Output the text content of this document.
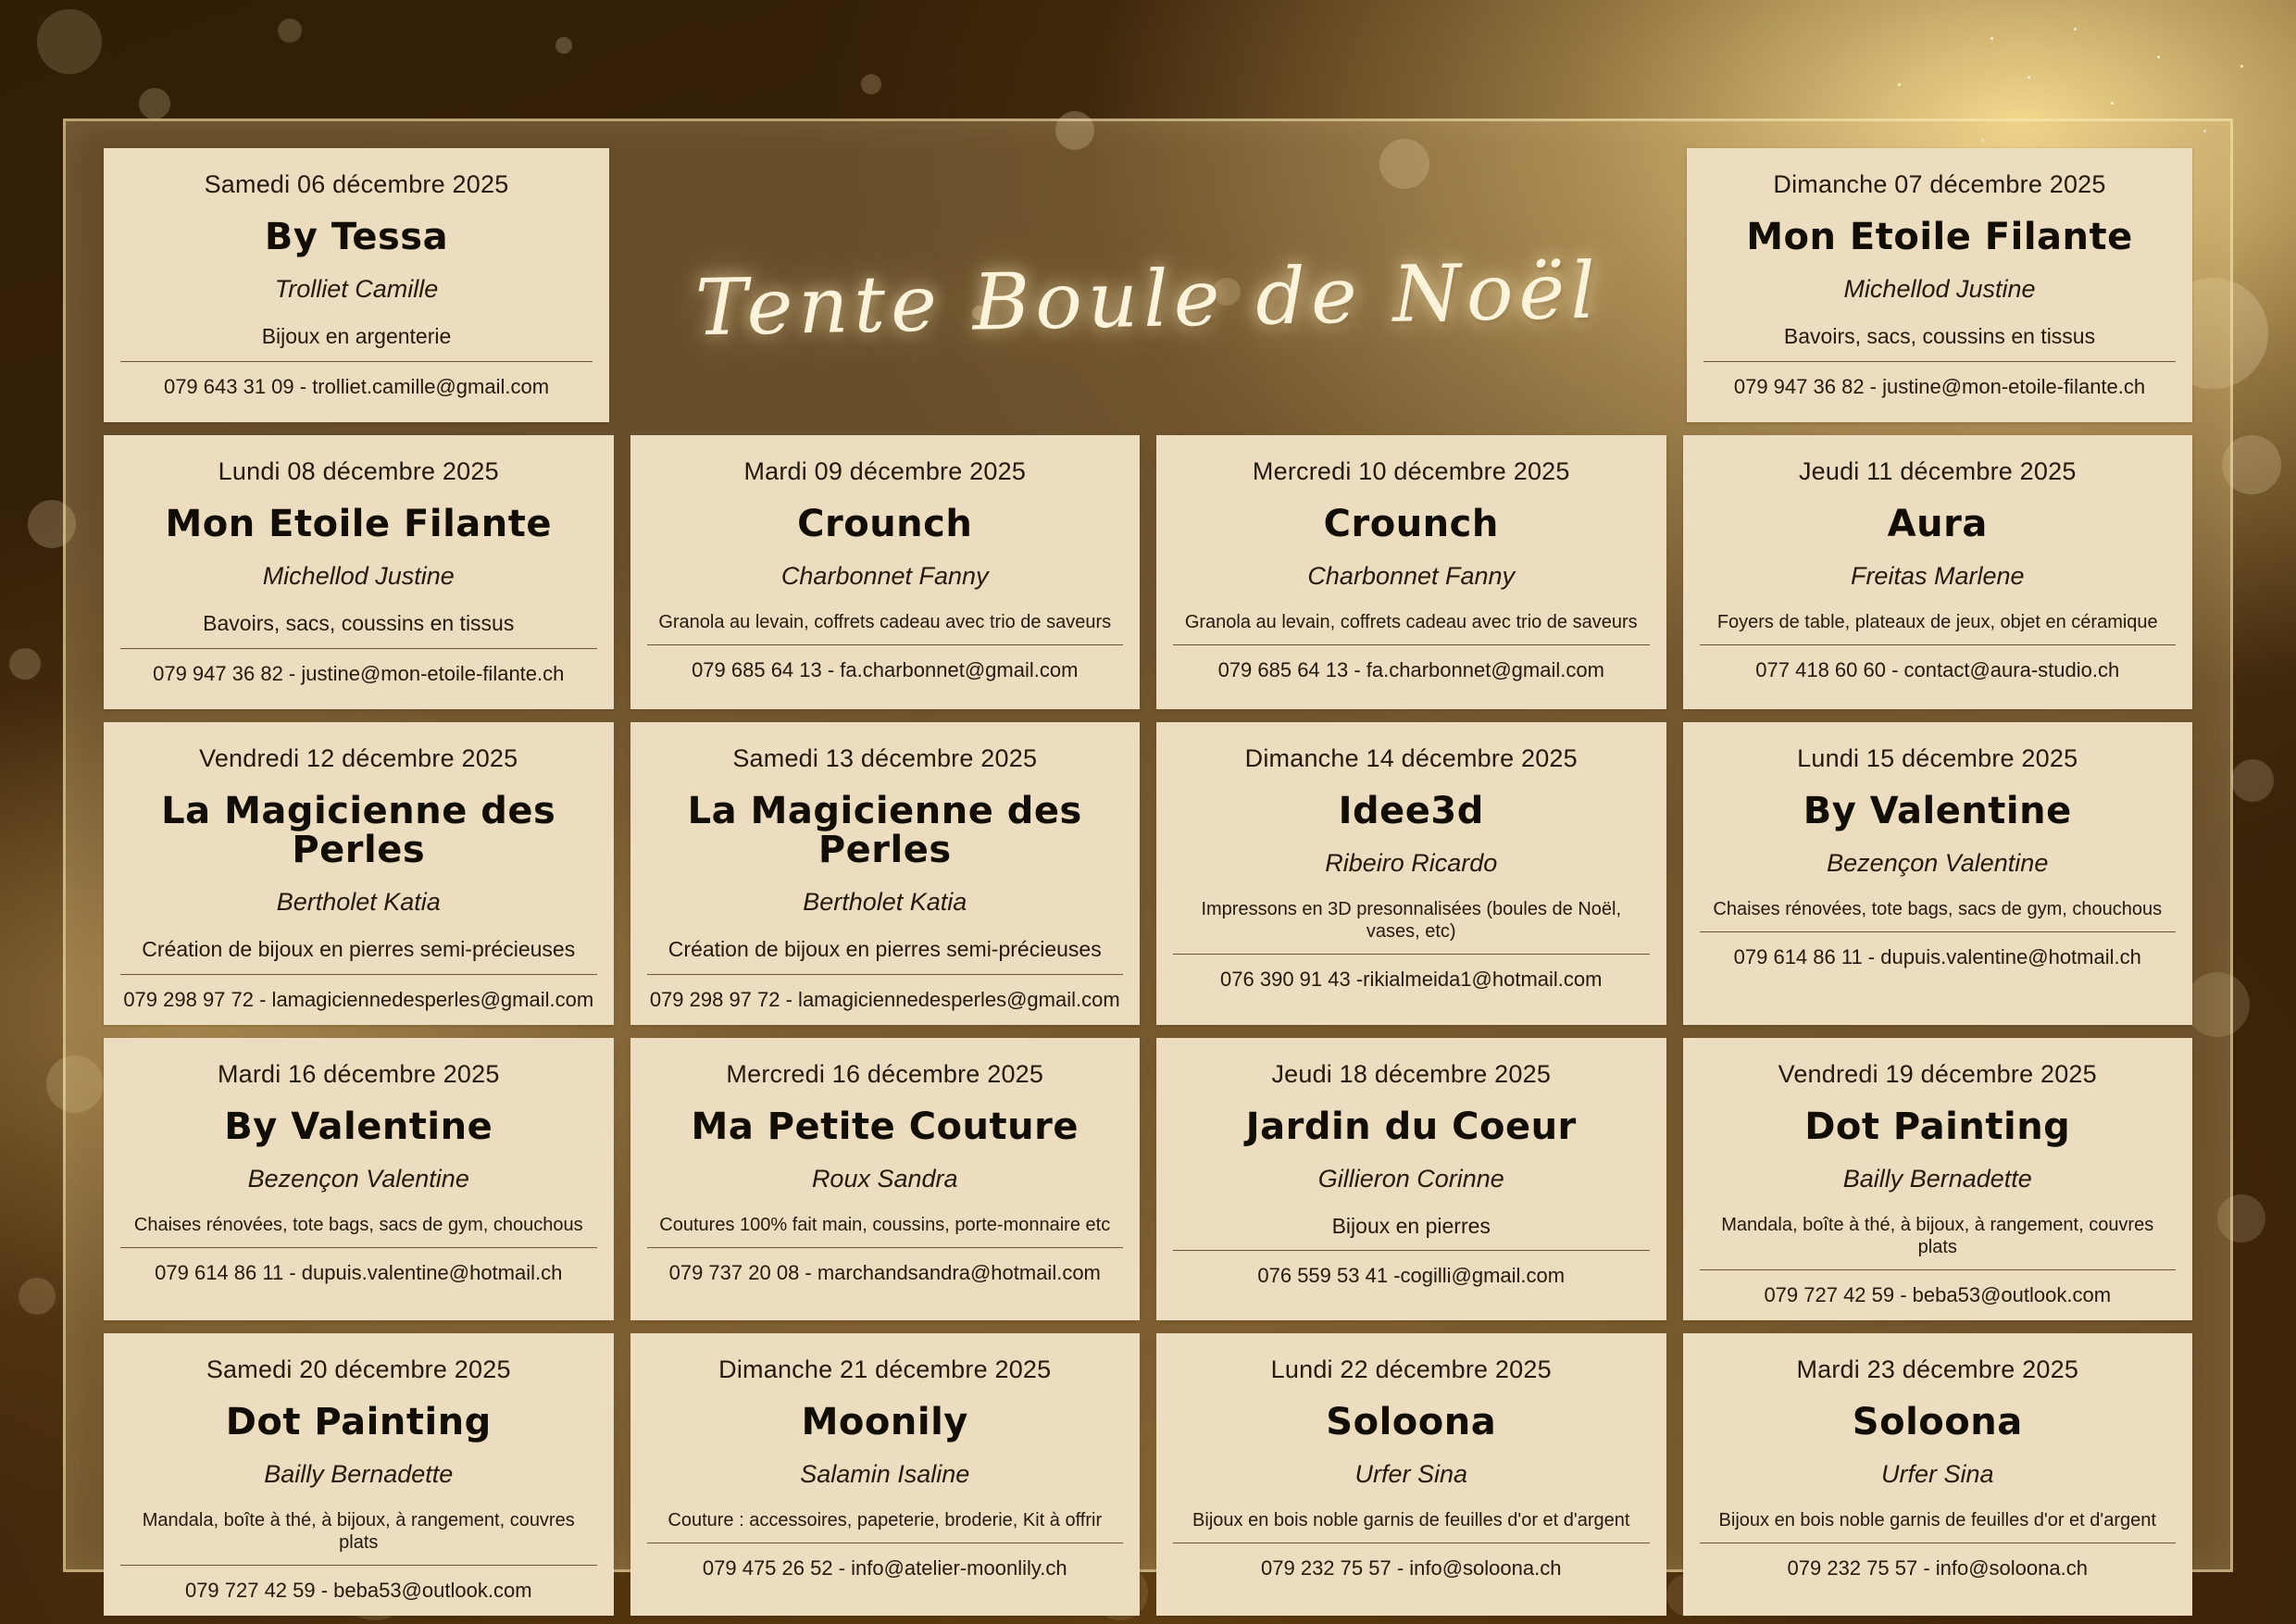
Tente Boule de Noël
Samedi 06 décembre 2025
By Tessa
Trolliet Camille
Bijoux en argenterie
079 643 31 09 - trolliet.camille@gmail.com
Dimanche 07 décembre 2025
Mon Etoile Filante
Michellod Justine
Bavoirs, sacs, coussins en tissus
079 947 36 82 - justine@mon-etoile-filante.ch
Lundi 08 décembre 2025
Mon Etoile Filante
Michellod Justine
Bavoirs, sacs, coussins en tissus
079 947 36 82 - justine@mon-etoile-filante.ch
Mardi 09 décembre 2025
Crounch
Charbonnet Fanny
Granola au levain, coffrets cadeau avec trio de saveurs
079 685 64 13 - fa.charbonnet@gmail.com
Mercredi 10 décembre 2025
Crounch
Charbonnet Fanny
Granola au levain, coffrets cadeau avec trio de saveurs
079 685 64 13 - fa.charbonnet@gmail.com
Jeudi 11 décembre 2025
Aura
Freitas Marlene
Foyers de table, plateaux de jeux, objet en céramique
077 418 60 60 - contact@aura-studio.ch
Vendredi 12 décembre 2025
La Magicienne des Perles
Bertholet Katia
Création de bijoux en pierres semi-précieuses
079 298 97 72 - lamagiciennedesperles@gmail.com
Samedi 13 décembre 2025
La Magicienne des Perles
Bertholet Katia
Création de bijoux en pierres semi-précieuses
079 298 97 72 - lamagiciennedesperles@gmail.com
Dimanche 14 décembre 2025
Idee3d
Ribeiro Ricardo
Impressons en 3D presonnalisées (boules de Noël, vases, etc)
076 390 91 43 -rikialmeida1@hotmail.com
Lundi 15 décembre 2025
By Valentine
Bezençon Valentine
Chaises rénovées, tote bags, sacs de gym, chouchous
079 614 86 11 - dupuis.valentine@hotmail.ch
Mardi 16 décembre 2025
By Valentine
Bezençon Valentine
Chaises rénovées, tote bags, sacs de gym, chouchous
079 614 86 11 - dupuis.valentine@hotmail.ch
Mercredi 16 décembre 2025
Ma Petite Couture
Roux Sandra
Coutures 100% fait main, coussins, porte-monnaire etc
079 737 20 08 - marchandsandra@hotmail.com
Jeudi 18 décembre 2025
Jardin du Coeur
Gillieron Corinne
Bijoux en pierres
076 559 53 41 -cogilli@gmail.com
Vendredi 19 décembre 2025
Dot Painting
Bailly Bernadette
Mandala, boîte à thé, à bijoux, à rangement, couvres plats
079 727 42 59 - beba53@outlook.com
Samedi 20 décembre 2025
Dot Painting
Bailly Bernadette
Mandala, boîte à thé, à bijoux, à rangement, couvres plats
079 727 42 59 - beba53@outlook.com
Dimanche 21 décembre 2025
Moonily
Salamin Isaline
Couture : accessoires, papeterie, broderie, Kit à offrir
079 475 26 52 - info@atelier-moonlily.ch
Lundi 22 décembre 2025
Soloona
Urfer Sina
Bijoux en bois noble garnis de feuilles d'or et d'argent
079 232 75 57 - info@soloona.ch
Mardi 23 décembre 2025
Soloona
Urfer Sina
Bijoux en bois noble garnis de feuilles d'or et d'argent
079 232 75 57 - info@soloona.ch
